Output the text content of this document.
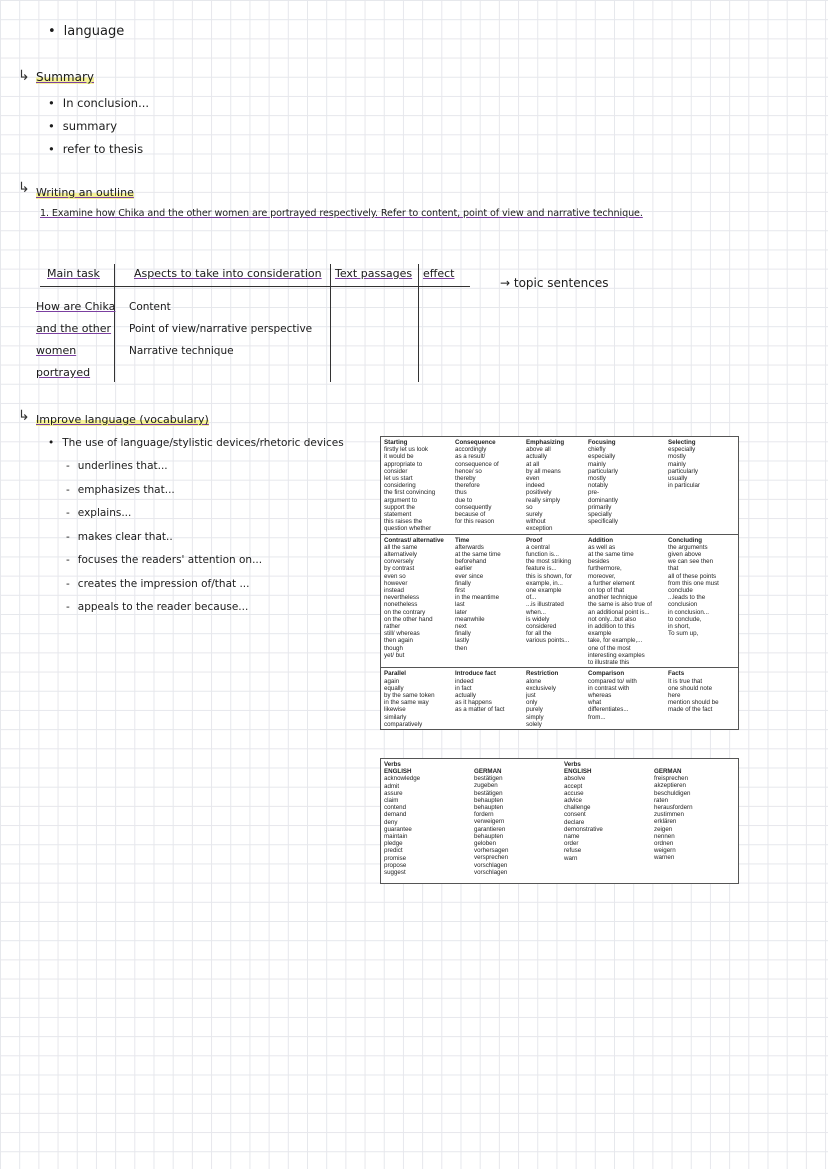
• language
↳ Summary
• In conclusion...
• summary
• refer to thesis
↳ Writing an outline
1. Examine how Chika and the other women are portrayed respectively. Refer to content, point of view and narrative technique.
Main task	Aspects to take into consideration Text passages effect
How are Chika
and the other
women
portrayed
Content
Point of view/narrative perspective
Narrative technique
→ topic sentences
↳ Improve language (vocabulary)
• The use of language/stylistic devices/rhetoric devices
- underlines that...
- emphasizes that...
- explains...
- makes clear that..
- focuses the readers' attention on...
- creates the impression of/that ...
- appeals to the reader because...
Starting
firstly let us look
it would be
appropriate to
consider
let us start
considering
the first convincing
argument to
support the
statement
this raises the
question whether
Consequence
accordingly
as a result/
consequence of
hence/ so
thereby
therefore
thus
due to
consequently
because of
for this reason
Emphasizing
above all
actually
at all
by all means
even
indeed
positively
really simply
so
surely
without
exception
Focusing
chiefly
especially
mainly
particularly
mostly
notably
pre-
dominantly
primarily
specially
specifically
Selecting
especially
mostly
mainly
particularly
usually
in particular
Contrast/ alternative
all the same
alternatively
conversely
by contrast
even so
however
instead
nevertheless
nonetheless
on the contrary
on the other hand
rather
still/ whereas
then again
though
yet/ but
Time
afterwards
at the same time
beforehand
earlier
ever since
finally
first
in the meantime
last
later
meanwhile
next
finally
lastly
then
Proof
a central
function is...
the most striking
feature is...
this is shown, for
example, in...
one example
of...
...is illustrated
when...
is widely
considered
for all the
various points...
Addition
as well as
at the same time
besides
furthermore,
moreover,
a further element
on top of that
another technique
the same is also true of
an additional point is...
not only...but also
in addition to this
example
take, for example,...
one of the most
interesting examples
to illustrate this
Concluding
the arguments
given above
we can see then
that
all of these points
from this one must
conclude
...leads to the
conclusion
in conclusion...
to conclude,
in short,
To sum up,
Parallel
again
equally
by the same token
in the same way
likewise
similarly
comparatively
Introduce fact
indeed
in fact
actually
as it happens
as a matter of fact
Restriction
alone
exclusively
just
only
purely
simply
solely
Comparison
compared to/ with
in contrast with
whereas
what
differentiates...
from...
Facts
It is true that
one should note
here
mention should be
made of the fact
Verbs
ENGLISH
acknowledge
admit
assure
claim
contend
demand
deny
guarantee
maintain
pledge
predict
promise
propose
suggest
GERMAN
bestätigen
zugeben
bestätigen
behaupten
behaupten
fordern
verweigern
garantieren
behaupten
geloben
vorhersagen
versprechen
vorschlagen
vorschlagen
Verbs
ENGLISH
absolve
accept
accuse
advice
challenge
consent
declare
demonstrative
name
order
refuse
warn
GERMAN
freisprechen
akzeptieren
beschuldigen
raten
herausfordern
zustimmen
erklären
zeigen
nennen
ordnen
weigern
warnen
